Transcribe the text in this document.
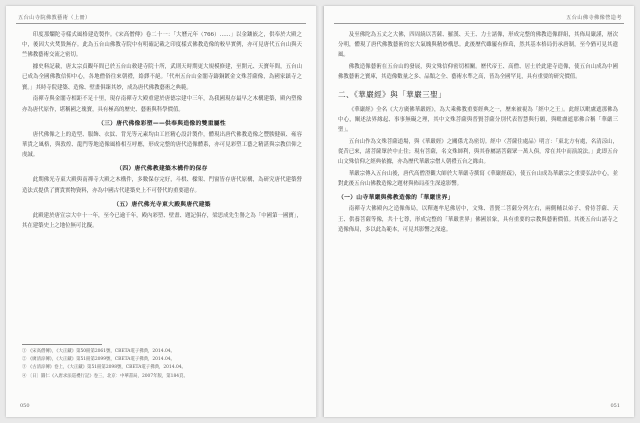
五台山寺院佛教藝術（上冊）

印度那爛陀寺樣式風格建造製作。《宋高僧傳》卷二十一：「大曆元年（766）……」以金鑲嵌之，供奉於大殿之中，後因大火焚毀無存。此為五台山佛教寺院中有明確記載之印度樣式佛教造像的較早實例，亦可見唐代五台山與天竺佛教藝術交流之密切。

據史料記載，唐太宗貞觀年間已於五台山敕建寺院十所，武則天時期更大規模修建，至開元、天寶年間，五台山已成為全國佛教信仰中心，各地僧俗往來朝禮，絡繹不絕。「代州五台山金閣寺鑄銅鍍金文殊菩薩像，為國家鎮寺之寶。」其時寺院建築、造像、壁畫俱臻其妙，成為唐代佛教藝術之典範。

南禪寺與金閣寺相距不足十里，現存南禪寺大殿重建於唐德宗建中三年，為我國現存最早之木構建築，殿內塑像亦為唐代原作，堪稱國之瑰寶，具有極高的歷史、藝術與科學價值。

（三）唐代佛像彩塑——供奉與造像的雙重屬性

唐代佛像之上的造型、服飾、衣紋、背光等元素均由工匠精心設計製作，體現出唐代佛教造像之豐腴健碩、雍容華貴之風格，與敦煌、龍門等地造像風格相互呼應，形成完整的唐代造像體系，亦可見彩塑工藝之精湛與宗教信仰之虔誠。

（四）唐代佛教建築木構件的保存

此期佛光寺東大殿與南禪寺大殿之木構件，多數保存完好，斗栱、樑架、門窗皆存唐代原構，為研究唐代建築營造法式提供了寶貴實物資料，亦為中國古代建築史上不可替代的重要遺存。

（五）唐代佛光寺東大殿與唐代建築

此殿建於唐宣宗大中十一年，至今已逾千年，殿內彩塑、壁畫、題記俱存，梁思成先生譽之為「中國第一國寶」，其在建築史上之地位無可比擬。

① 《宋高僧傳》，《大正藏》第50冊第2061號，CBETA電子佛典，2014.04。

② 《廣清涼傳》，《大正藏》第51冊第2099號，CBETA電子佛典，2014.04。

③ 《古清涼傳》卷上，《大正藏》第51冊第2098號，CBETA電子佛典，2014.04。

④ 〔日〕圓仁《入唐求法巡禮行記》卷三，北京：中華書局，2007年版，第184頁。

050
五台山佛寺佛像營造考

及至佛陀為五丈之大佛，四周繞以菩薩、羅漢、天王、力士諸像，形成完整的佛教造像群組，其佈局嚴謹，層次分明，體現了唐代佛教藝術的宏大氣魄與精妙構思。此後歷代雖屢有修葺，然其基本格局仍承唐制，至今猶可見其遺風。

佛教造像藝術在五台山的發展，與文殊信仰密切相關。歷代帝王、高僧、居士於此建寺造像，使五台山成為中國佛教藝術之寶庫，其造像數量之多、品類之全、藝術水準之高，皆為全國罕見，具有重要的研究價值。

二、《華嚴經》與「華嚴三聖」

《華嚴經》全名《大方廣佛華嚴經》，為大乘佛教重要經典之一，歷來被視為「經中之王」。此經以毗盧遮那佛為中心，闡述法界緣起、事事無礙之理，其中文殊菩薩與普賢菩薩分別代表智慧與行願，與毗盧遮那佛合稱「華嚴三聖」。

五台山作為文殊菩薩道場，與《華嚴經》之關係尤為密切。經中〈菩薩住處品〉明言：「東北方有處，名清涼山，從昔已來，諸菩薩眾於中止住；現有菩薩，名文殊師利，與其眷屬諸菩薩眾一萬人俱，常在其中而演說法。」此即五台山文殊信仰之經典依據，亦為歷代華嚴宗僧人朝禮五台之緣由。

華嚴宗傳入五台山後，唐代高僧澄觀大師於大華嚴寺撰寫《華嚴經疏》，使五台山成為華嚴宗之重要弘法中心，並對此後五台山佛教造像之題材與佈局產生深遠影響。

（一）山寺華嚴與佛教造像的「華嚴世界」

南禪寺大佛殿內之造像佈局，以釋迦牟尼佛居中，文殊、普賢二菩薩分列左右，兩側輔以弟子、脅侍菩薩、天王、供養菩薩等像，共十七尊，形成完整的「華嚴世界」佛國景象，具有重要的宗教與藝術價值。其後五台山諸寺之造像佈局，多以此為範本，可見其影響之深遠。

051
